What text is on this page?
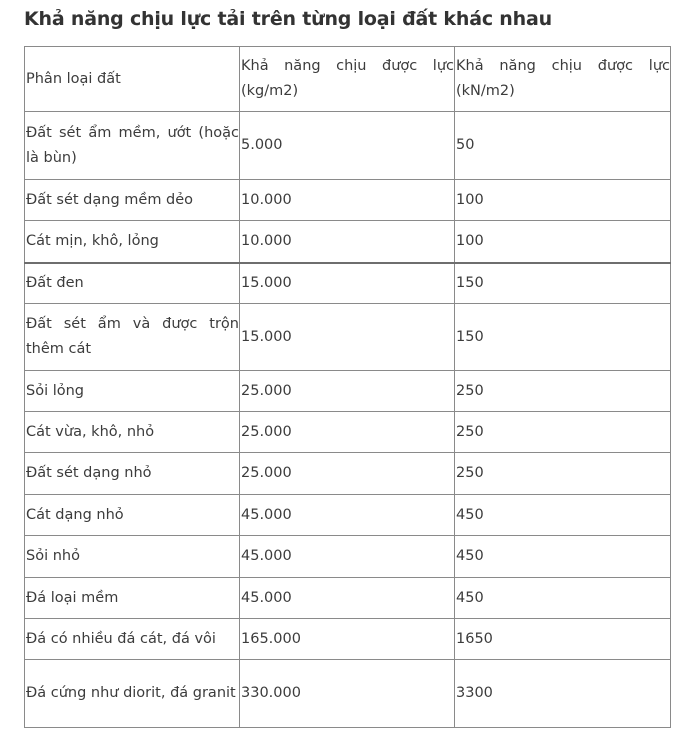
Khả năng chịu lực tải trên từng loại đất khác nhau
Phân loại đất	Khả năng chịu được lực (kg/m2)	Khả năng chịu được lực (kN/m2)
Đất sét ẩm mềm, ướt (hoặc là bùn)	5.000	50
Đất sét dạng mềm dẻo	10.000	100
Cát mịn, khô, lỏng	10.000	100
Đất đen	15.000	150
Đất sét ẩm và được trộn thêm cát	15.000	150
Sỏi lỏng	25.000	250
Cát vừa, khô, nhỏ	25.000	250
Đất sét dạng nhỏ	25.000	250
Cát dạng nhỏ	45.000	450
Sỏi nhỏ	45.000	450
Đá loại mềm	45.000	450
Đá có nhiều đá cát, đá vôi	165.000	1650
Đá cứng như diorit, đá granit	330.000	3300
